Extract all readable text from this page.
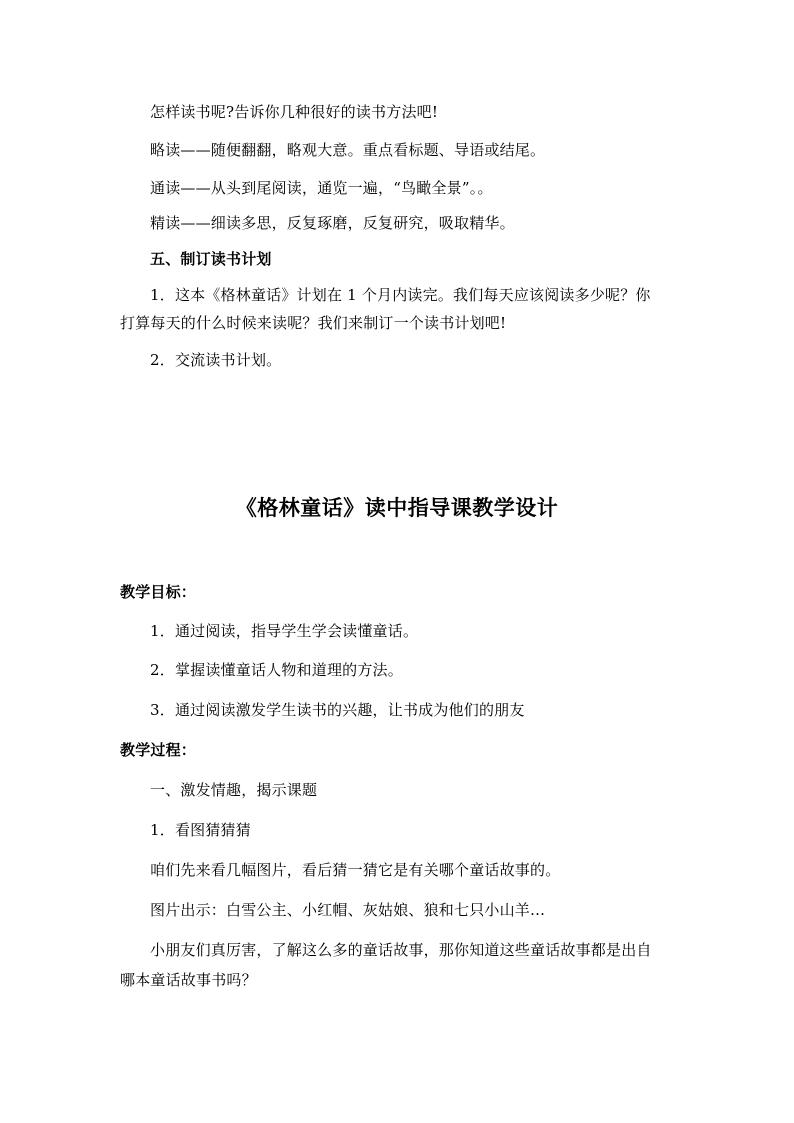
怎样读书呢?告诉你几种很好的读书方法吧!
略读——随便翻翻，略观大意。重点看标题、导语或结尾。
通读——从头到尾阅读，通览一遍，“鸟瞰全景”。。
精读——细读多思，反复琢磨，反复研究，吸取精华。
五、制订读书计划
1．这本《格林童话》计划在 1 个月内读完。我们每天应该阅读多少呢？你
打算每天的什么时候来读呢？我们来制订一个读书计划吧!
2．交流读书计划。
《格林童话》读中指导课教学设计
教学目标：
1．通过阅读，指导学生学会读懂童话。
2．掌握读懂童话人物和道理的方法。
3．通过阅读激发学生读书的兴趣，让书成为他们的朋友
教学过程：
一、激发情趣，揭示课题
1．看图猜猜猜
咱们先来看几幅图片，看后猜一猜它是有关哪个童话故事的。
图片出示：白雪公主、小红帽、灰姑娘、狼和七只小山羊…
小朋友们真厉害，了解这么多的童话故事，那你知道这些童话故事都是出自
哪本童话故事书吗？
